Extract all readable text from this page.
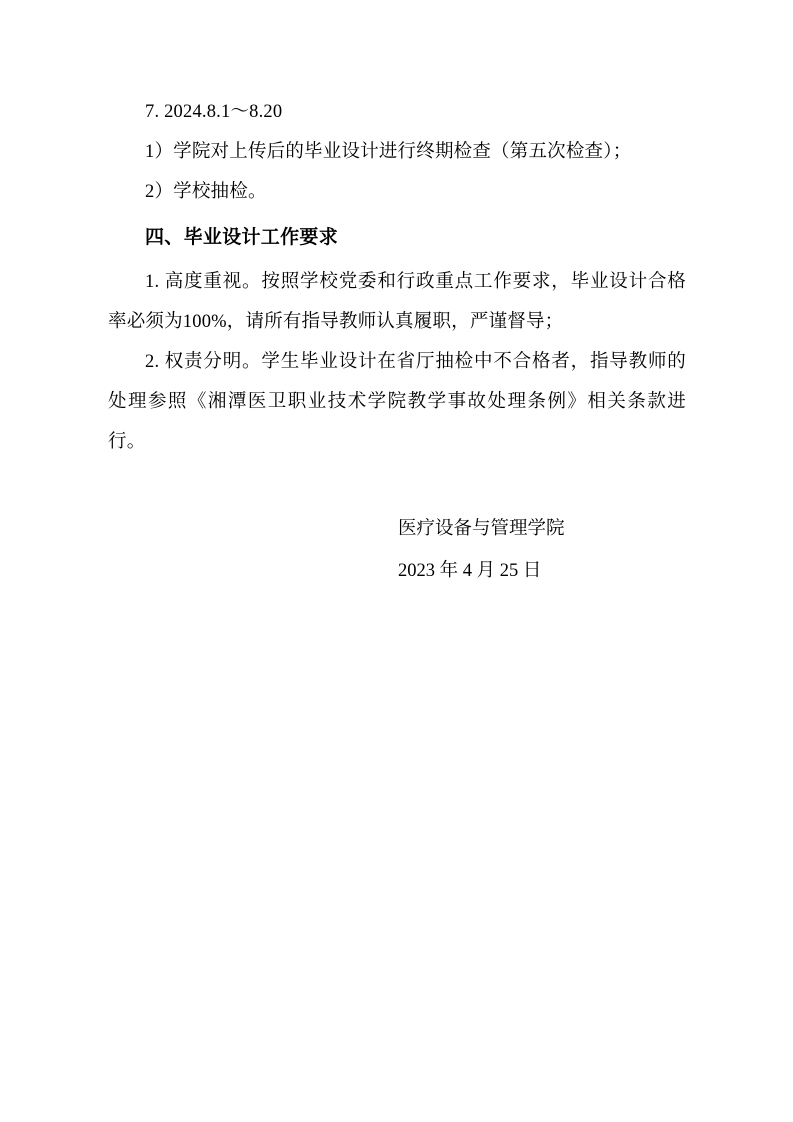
7. 2024.8.1～8.20

1）学院对上传后的毕业设计进行终期检查（第五次检查）；

2）学校抽检。

四、毕业设计工作要求

1. 高度重视。按照学校党委和行政重点工作要求，毕业设计合格率必须为100%，请所有指导教师认真履职，严谨督导；

2. 权责分明。学生毕业设计在省厅抽检中不合格者，指导教师的处理参照《湘潭医卫职业技术学院教学事故处理条例》相关条款进行。

医疗设备与管理学院
2023 年 4 月 25 日
